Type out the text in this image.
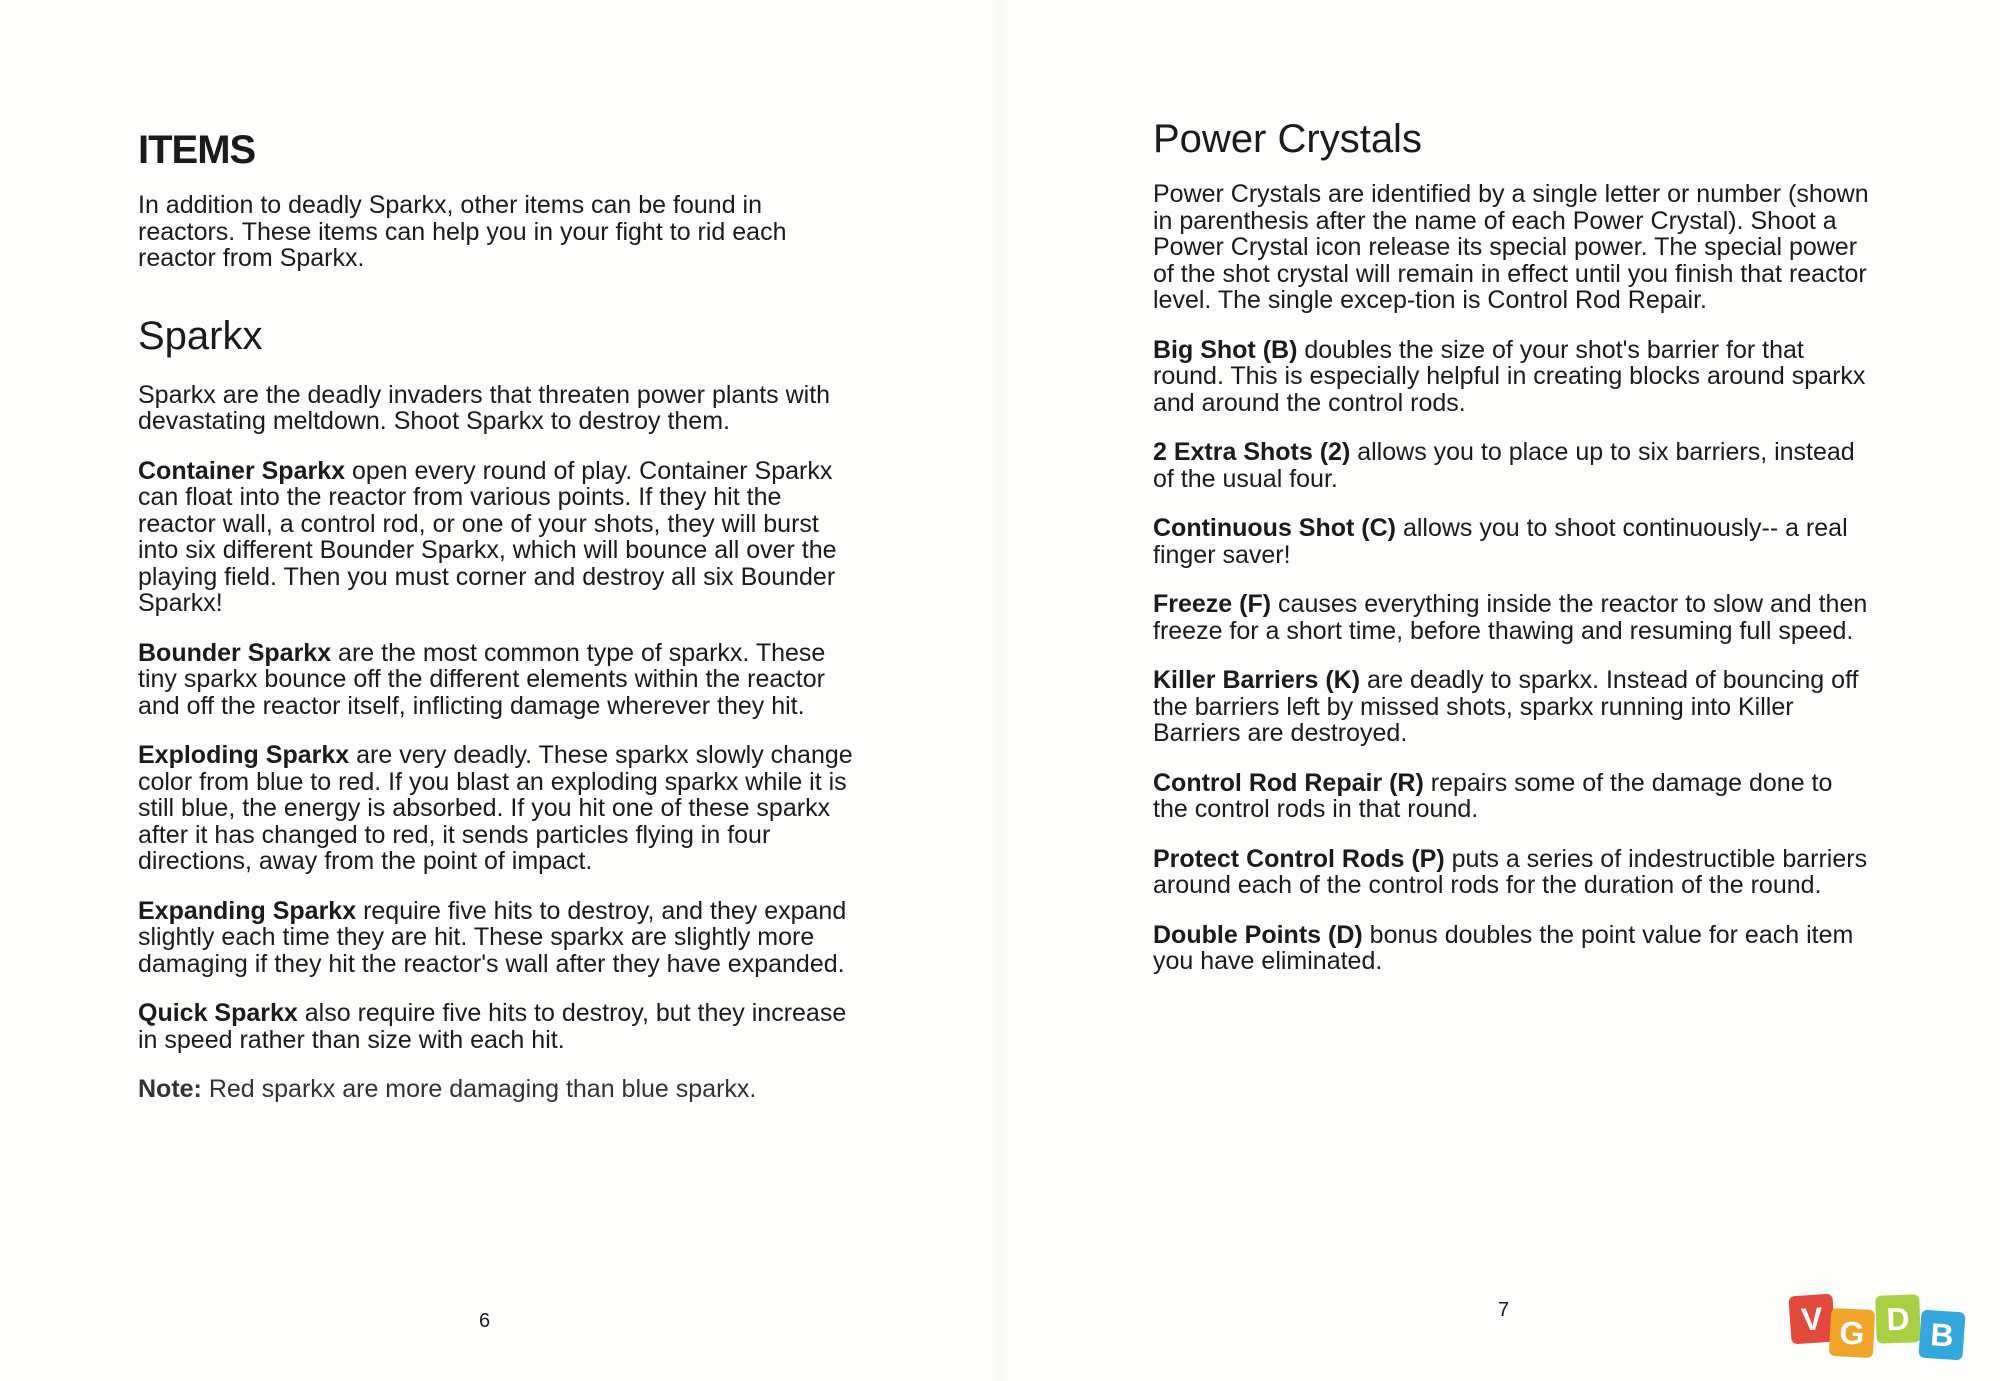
ITEMS

In addition to deadly Sparkx, other items can be found in reactors. These items can help you in your fight to rid each reactor from Sparkx.

Sparkx

Sparkx are the deadly invaders that threaten power plants with devastating meltdown. Shoot Sparkx to destroy them.

Container Sparkx open every round of play. Container Sparkx can float into the reactor from various points. If they hit the reactor wall, a control rod, or one of your shots, they will burst into six different Bounder Sparkx, which will bounce all over the playing field. Then you must corner and destroy all six Bounder Sparkx!

Bounder Sparkx are the most common type of sparkx. These tiny sparkx bounce off the different elements within the reactor and off the reactor itself, inflicting damage wherever they hit.

Exploding Sparkx are very deadly. These sparkx slowly change color from blue to red. If you blast an exploding sparkx while it is still blue, the energy is absorbed. If you hit one of these sparkx after it has changed to red, it sends particles flying in four directions, away from the point of impact.

Expanding Sparkx require five hits to destroy, and they expand slightly each time they are hit. These sparkx are slightly more damaging if they hit the reactor's wall after they have expanded.

Quick Sparkx also require five hits to destroy, but they increase in speed rather than size with each hit.

Note: Red sparkx are more damaging than blue sparkx.

6
Power Crystals

Power Crystals are identified by a single letter or number (shown in parenthesis after the name of each Power Crystal). Shoot a Power Crystal icon release its special power. The special power of the shot crystal will remain in effect until you finish that reactor level. The single excep-tion is Control Rod Repair.

Big Shot (B) doubles the size of your shot's barrier for that round. This is especially helpful in creating blocks around sparkx and around the control rods.

2 Extra Shots (2) allows you to place up to six barriers, instead of the usual four.

Continuous Shot (C) allows you to shoot continuously-- a real finger saver!

Freeze (F) causes everything inside the reactor to slow and then freeze for a short time, before thawing and resuming full speed.

Killer Barriers (K) are deadly to sparkx. Instead of bouncing off the barriers left by missed shots, sparkx running into Killer Barriers are destroyed.

Control Rod Repair (R) repairs some of the damage done to the control rods in that round.

Protect Control Rods (P) puts a series of indestructible barriers around each of the control rods for the duration of the round.

Double Points (D) bonus doubles the point value for each item you have eliminated.

7	V G D B
